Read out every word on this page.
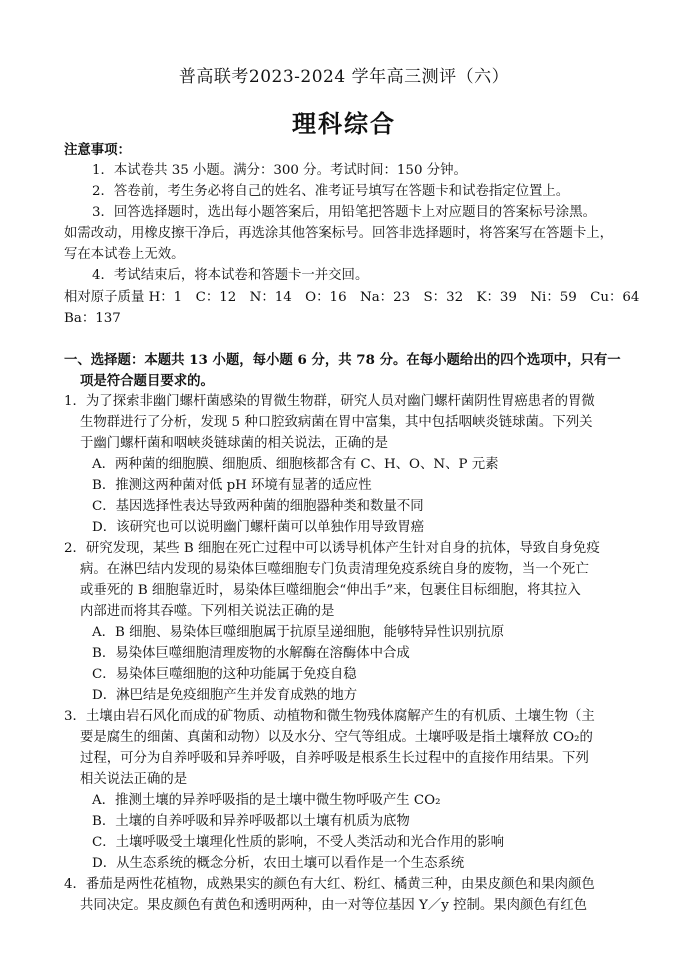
普高联考2023-2024 学年高三测评（六）
理科综合
注意事项：
1．本试卷共 35 小题。满分：300 分。考试时间：150 分钟。
2．答卷前，考生务必将自己的姓名、准考证号填写在答题卡和试卷指定位置上。
3．回答选择题时，选出每小题答案后，用铅笔把答题卡上对应题目的答案标号涂黑。
如需改动，用橡皮擦干净后，再选涂其他答案标号。回答非选择题时，将答案写在答题卡上，
写在本试卷上无效。
4．考试结束后，将本试卷和答题卡一并交回。
相对原子质量 H：1　C：12　N：14　O：16　Na：23　S：32　K：39　Ni：59　Cu：64
Ba：137
一、选择题：本题共 13 小题，每小题 6 分，共 78 分。在每小题给出的四个选项中，只有一
项是符合题目要求的。
1．为了探索非幽门螺杆菌感染的胃微生物群，研究人员对幽门螺杆菌阴性胃癌患者的胃微
生物群进行了分析，发现 5 种口腔致病菌在胃中富集，其中包括咽峡炎链球菌。下列关
于幽门螺杆菌和咽峡炎链球菌的相关说法，正确的是
A．两种菌的细胞膜、细胞质、细胞核都含有 C、H、O、N、P 元素
B．推测这两种菌对低 pH 环境有显著的适应性
C．基因选择性表达导致两种菌的细胞器种类和数量不同
D．该研究也可以说明幽门螺杆菌可以单独作用导致胃癌
2．研究发现，某些 B 细胞在死亡过程中可以诱导机体产生针对自身的抗体，导致自身免疫
病。在淋巴结内发现的易染体巨噬细胞专门负责清理免疫系统自身的废物，当一个死亡
或垂死的 B 细胞靠近时，易染体巨噬细胞会“伸出手”来，包裹住目标细胞，将其拉入
内部进而将其吞噬。下列相关说法正确的是
A．B 细胞、易染体巨噬细胞属于抗原呈递细胞，能够特异性识别抗原
B．易染体巨噬细胞清理废物的水解酶在溶酶体中合成
C．易染体巨噬细胞的这种功能属于免疫自稳
D．淋巴结是免疫细胞产生并发育成熟的地方
3．土壤由岩石风化而成的矿物质、动植物和微生物残体腐解产生的有机质、土壤生物（主
要是腐生的细菌、真菌和动物）以及水分、空气等组成。土壤呼吸是指土壤释放 CO₂的
过程，可分为自养呼吸和异养呼吸，自养呼吸是根系生长过程中的直接作用结果。下列
相关说法正确的是
A．推测土壤的异养呼吸指的是土壤中微生物呼吸产生 CO₂
B．土壤的自养呼吸和异养呼吸都以土壤有机质为底物
C．土壤呼吸受土壤理化性质的影响，不受人类活动和光合作用的影响
D．从生态系统的概念分析，农田土壤可以看作是一个生态系统
4．番茄是两性花植物，成熟果实的颜色有大红、粉红、橘黄三种，由果皮颜色和果肉颜色
共同决定。果皮颜色有黄色和透明两种，由一对等位基因 Y／y 控制。果肉颜色有红色
